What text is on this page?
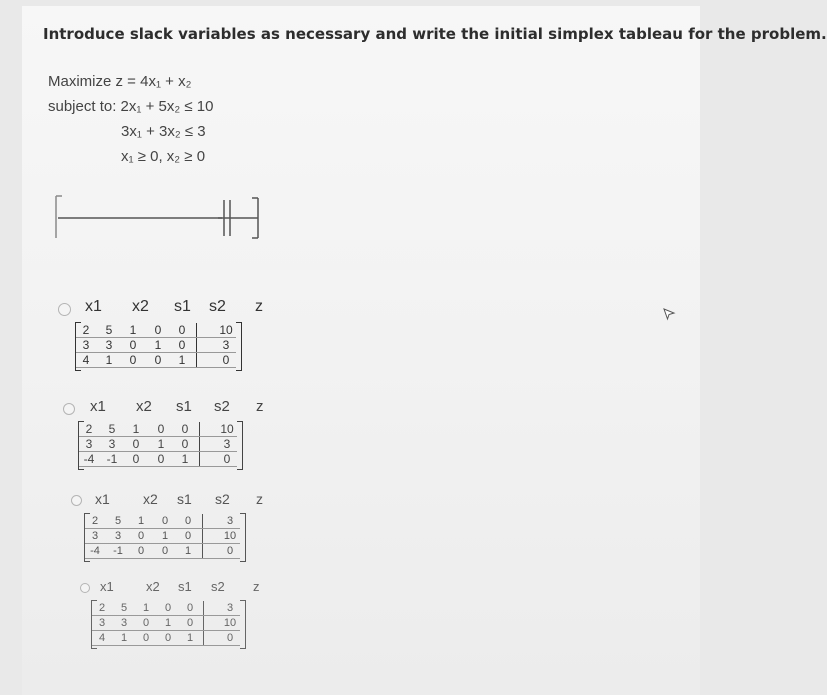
Introduce slack variables as necessary and write the initial simplex tableau for the problem.
Maximize z = 4x₁ + x₂
subject to: 2x₁ + 5x₂ ≤ 10
3x₁ + 3x₂ ≤ 3
x₁ ≥ 0, x₂ ≥ 0
x1 x2 s1 s2 z
2	5	1	0	0	10
3	3	0	1	0	3
4	1	0	0	1	0
x1 x2 s1 s2 z
2	5	1	0	0	10
3	3	0	1	0	3
-4	-1	0	0	1	0
x1 x2 s1 s2 z
2	5	1	0	0	3
3	3	0	1	0	10
-4	-1	0	0	1	0
x1 x2 s1 s2 z
2	5	1	0	0	3
3	3	0	1	0	10
4	1	0	0	1	0
